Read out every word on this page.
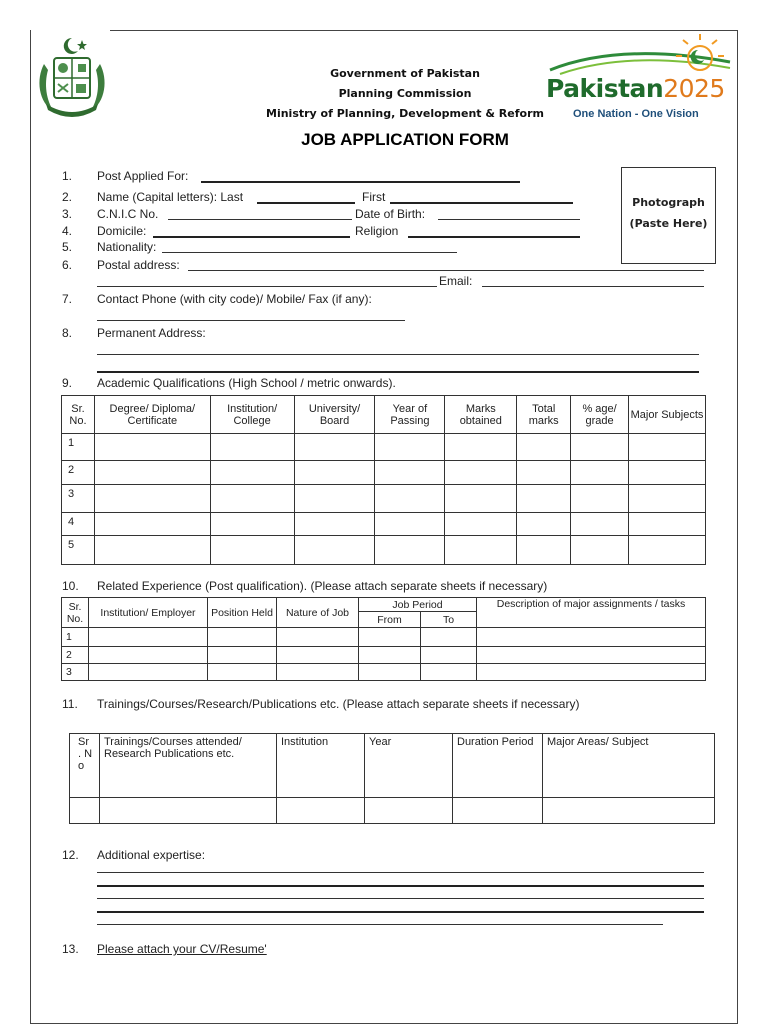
Government of Pakistan
Planning Commission
Ministry of Planning, Development & Reform
JOB APPLICATION FORM
Pakistan2025
One Nation - One Vision
Photograph
(Paste Here)
1. Post Applied For:
2. Name (Capital letters): Last	First
3. C.N.I.C No.	Date of Birth:
4. Domicile:	Religion
5. Nationality:
6. Postal address:
Email:
7. Contact Phone (with city code)/ Mobile/ Fax (if any):
8. Permanent Address:
9. Academic Qualifications (High School / metric onwards).
Sr. No.	Degree/ Diploma/ Certificate	Institution/ College	University/ Board	Year of Passing	Marks obtained	Total marks	% age/ grade	Major Subjects
1								
2								
3								
4								
5								
10. Related Experience (Post qualification). (Please attach separate sheets if necessary)
Sr. No.	Institution/ Employer	Position Held	Nature of Job	Job Period		Description of major assignments / tasks
				From	To	
1						
2						
3						
11. Trainings/Courses/Research/Publications etc. (Please attach separate sheets if necessary)
Sr . N o	Trainings/Courses attended/ Research Publications etc.	Institution	Year	Duration Period	Major Areas/ Subject

12. Additional expertise:
13. Please attach your CV/Resume'
